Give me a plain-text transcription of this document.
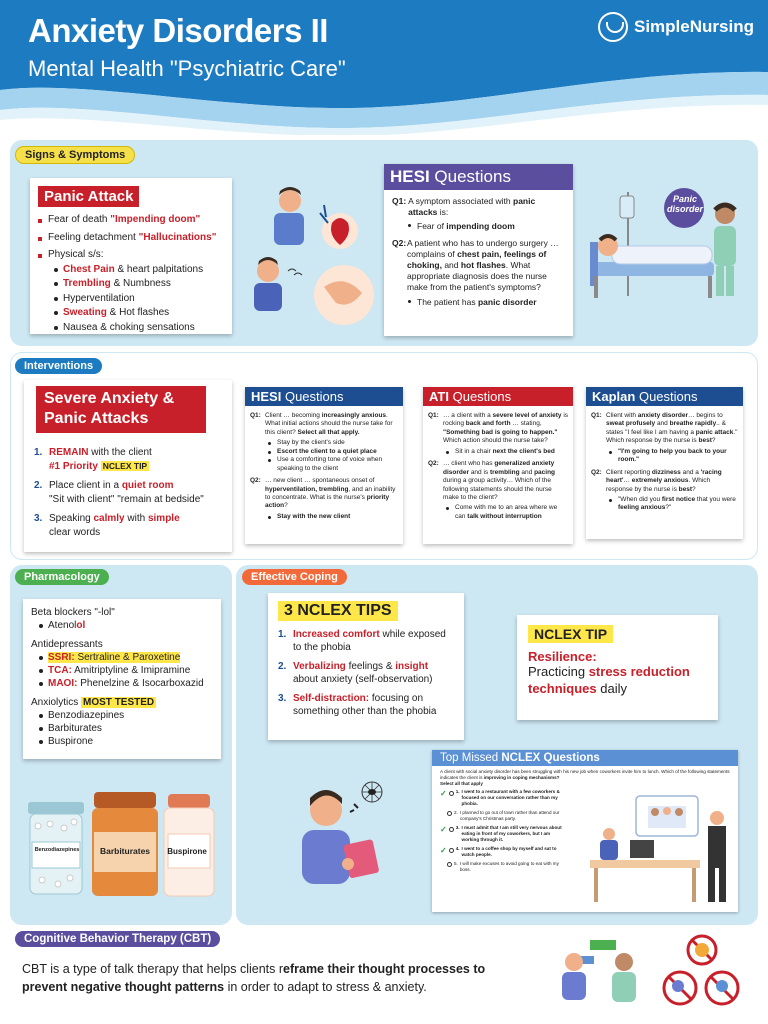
Anxiety Disorders II
Mental Health "Psychiatric Care"
SimpleNursing
Signs & Symptoms
Panic Attack
Fear of death "Impending doom"
Feeling detachment "Hallucinations"
Physical s/s:
Chest Pain & heart palpitations
Trembling & Numbness
Hyperventilation
Sweating & Hot flashes
Nausea & choking sensations
HESI Questions
Q1: A symptom associated with panic attacks is:
Fear of impending doom
Q2: A patient who has to undergo surgery … complains of chest pain, feelings of choking, and hot flashes. What appropriate diagnosis does the nurse make from the patient's symptoms?
The patient has panic disorder
Panic disorder
Interventions
Severe Anxiety & Panic Attacks
1. REMAIN with the client
#1 Priority NCLEX TIP
2. Place client in a quiet room
"Sit with client" "remain at bedside"
3. Speaking calmly with simple
clear words
HESI Questions
Q1: Client … becoming increasingly anxious. What initial actions should the nurse take for this client? Select all that apply.
Stay by the client's side
Escort the client to a quiet place
Use a comforting tone of voice when speaking to the client
Q2: … new client … spontaneous onset of hyperventilation, trembling, and an inability to concentrate. What is the nurse's priority action?
Stay with the new client
ATI Questions
Q1: … a client with a severe level of anxiety is rocking back and forth … stating, "Something bad is going to happen." Which action should the nurse take?
Sit in a chair next the client's bed
Q2: … client who has generalized anxiety disorder and is trembling and pacing during a group activity… Which of the following statements should the nurse make to the client?
Come with me to an area where we can talk without interruption
Kaplan Questions
Q1: Client with anxiety disorder… begins to sweat profusely and breathe rapidly.. & states "I feel like I am having a panic attack." Which response by the nurse is best?
"I'm going to help you back to your room."
Q2: Client reporting dizziness and a 'racing heart'… extremely anxious. Which response by the nurse is best?
"When did you first notice that you were feeling anxious?"
Pharmacology
Beta blockers "-lol"
Atenolol
Antidepressants
SSRI: Sertraline & Paroxetine
TCA: Amitriptyline & Imipramine
MAOI: Phenelzine & Isocarboxazid
Anxiolytics MOST TESTED
Benzodiazepines
Barbiturates
Buspirone
Benzodiazepines	Barbiturates	Buspirone
Effective Coping
3 NCLEX TIPS
1. Increased comfort while exposed to the phobia
2. Verbalizing feelings & insight about anxiety (self-observation)
3. Self-distraction: focusing on something other than the phobia
NCLEX TIP
Resilience:
Practicing stress reduction techniques daily
Top Missed NCLEX Questions
A client with social anxiety disorder has been struggling with his new job when coworkers invite him to lunch. Which of the following statements indicates the client is improving in coping mechanisms?
Select all that apply
✓ 1. I went to a restaurant with a few coworkers & focused on our conversation rather than my phobia.
2. I planned to go out of town rather than attend our company's Christmas party.
✓ 3. I must admit that I am still very nervous about eating in front of my coworkers, but I am working through it.
✓ 4. I went to a coffee shop by myself and sat to watch people.
5. I will make excuses to avoid going to eat with my boss.
Cognitive Behavior Therapy (CBT)
CBT is a type of talk therapy that helps clients reframe their thought processes to prevent negative thought patterns in order to adapt to stress & anxiety.
